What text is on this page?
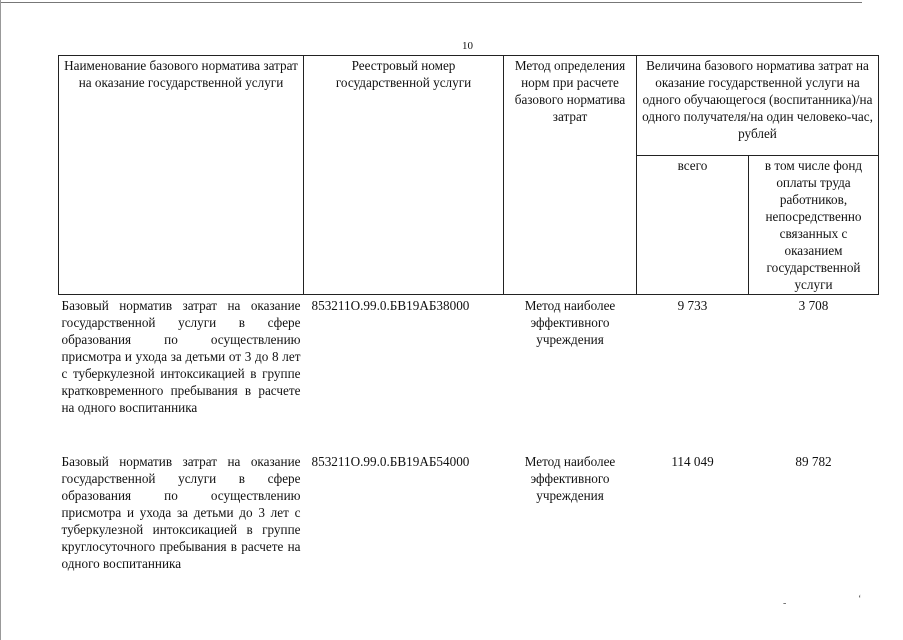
10
Наименование базового норматива затрат на оказание государственной услуги	Реестровый номер государственной услуги	Метод определения норм при расчете базового норматива затрат	Величина базового норматива затрат на оказание государственной услуги на одного обучающегося (воспитанника)/на одного получателя/на один человеко-час, рублей	
			всего	в том числе фонд оплаты труда работников, непосредственно связанных с оказанием государственной услуги
Базовый норматив затрат на оказание государственной услуги в сфере образования по осуществлению присмотра и ухода за детьми от 3 до 8 лет с туберкулезной интоксикацией в группе кратковременного пребывания в расчете на одного воспитанника	853211О.99.0.БВ19АБ38000	Метод наиболее эффективного учреждения	9 733	3 708
Базовый норматив затрат на оказание государственной услуги в сфере образования по осуществлению присмотра и ухода за детьми до 3 лет с туберкулезной интоксикацией в группе круглосуточного пребывания в расчете на одного воспитанника	853211О.99.0.БВ19АБ54000	Метод наиболее эффективного учреждения	114 049	89 782
‑	‘
